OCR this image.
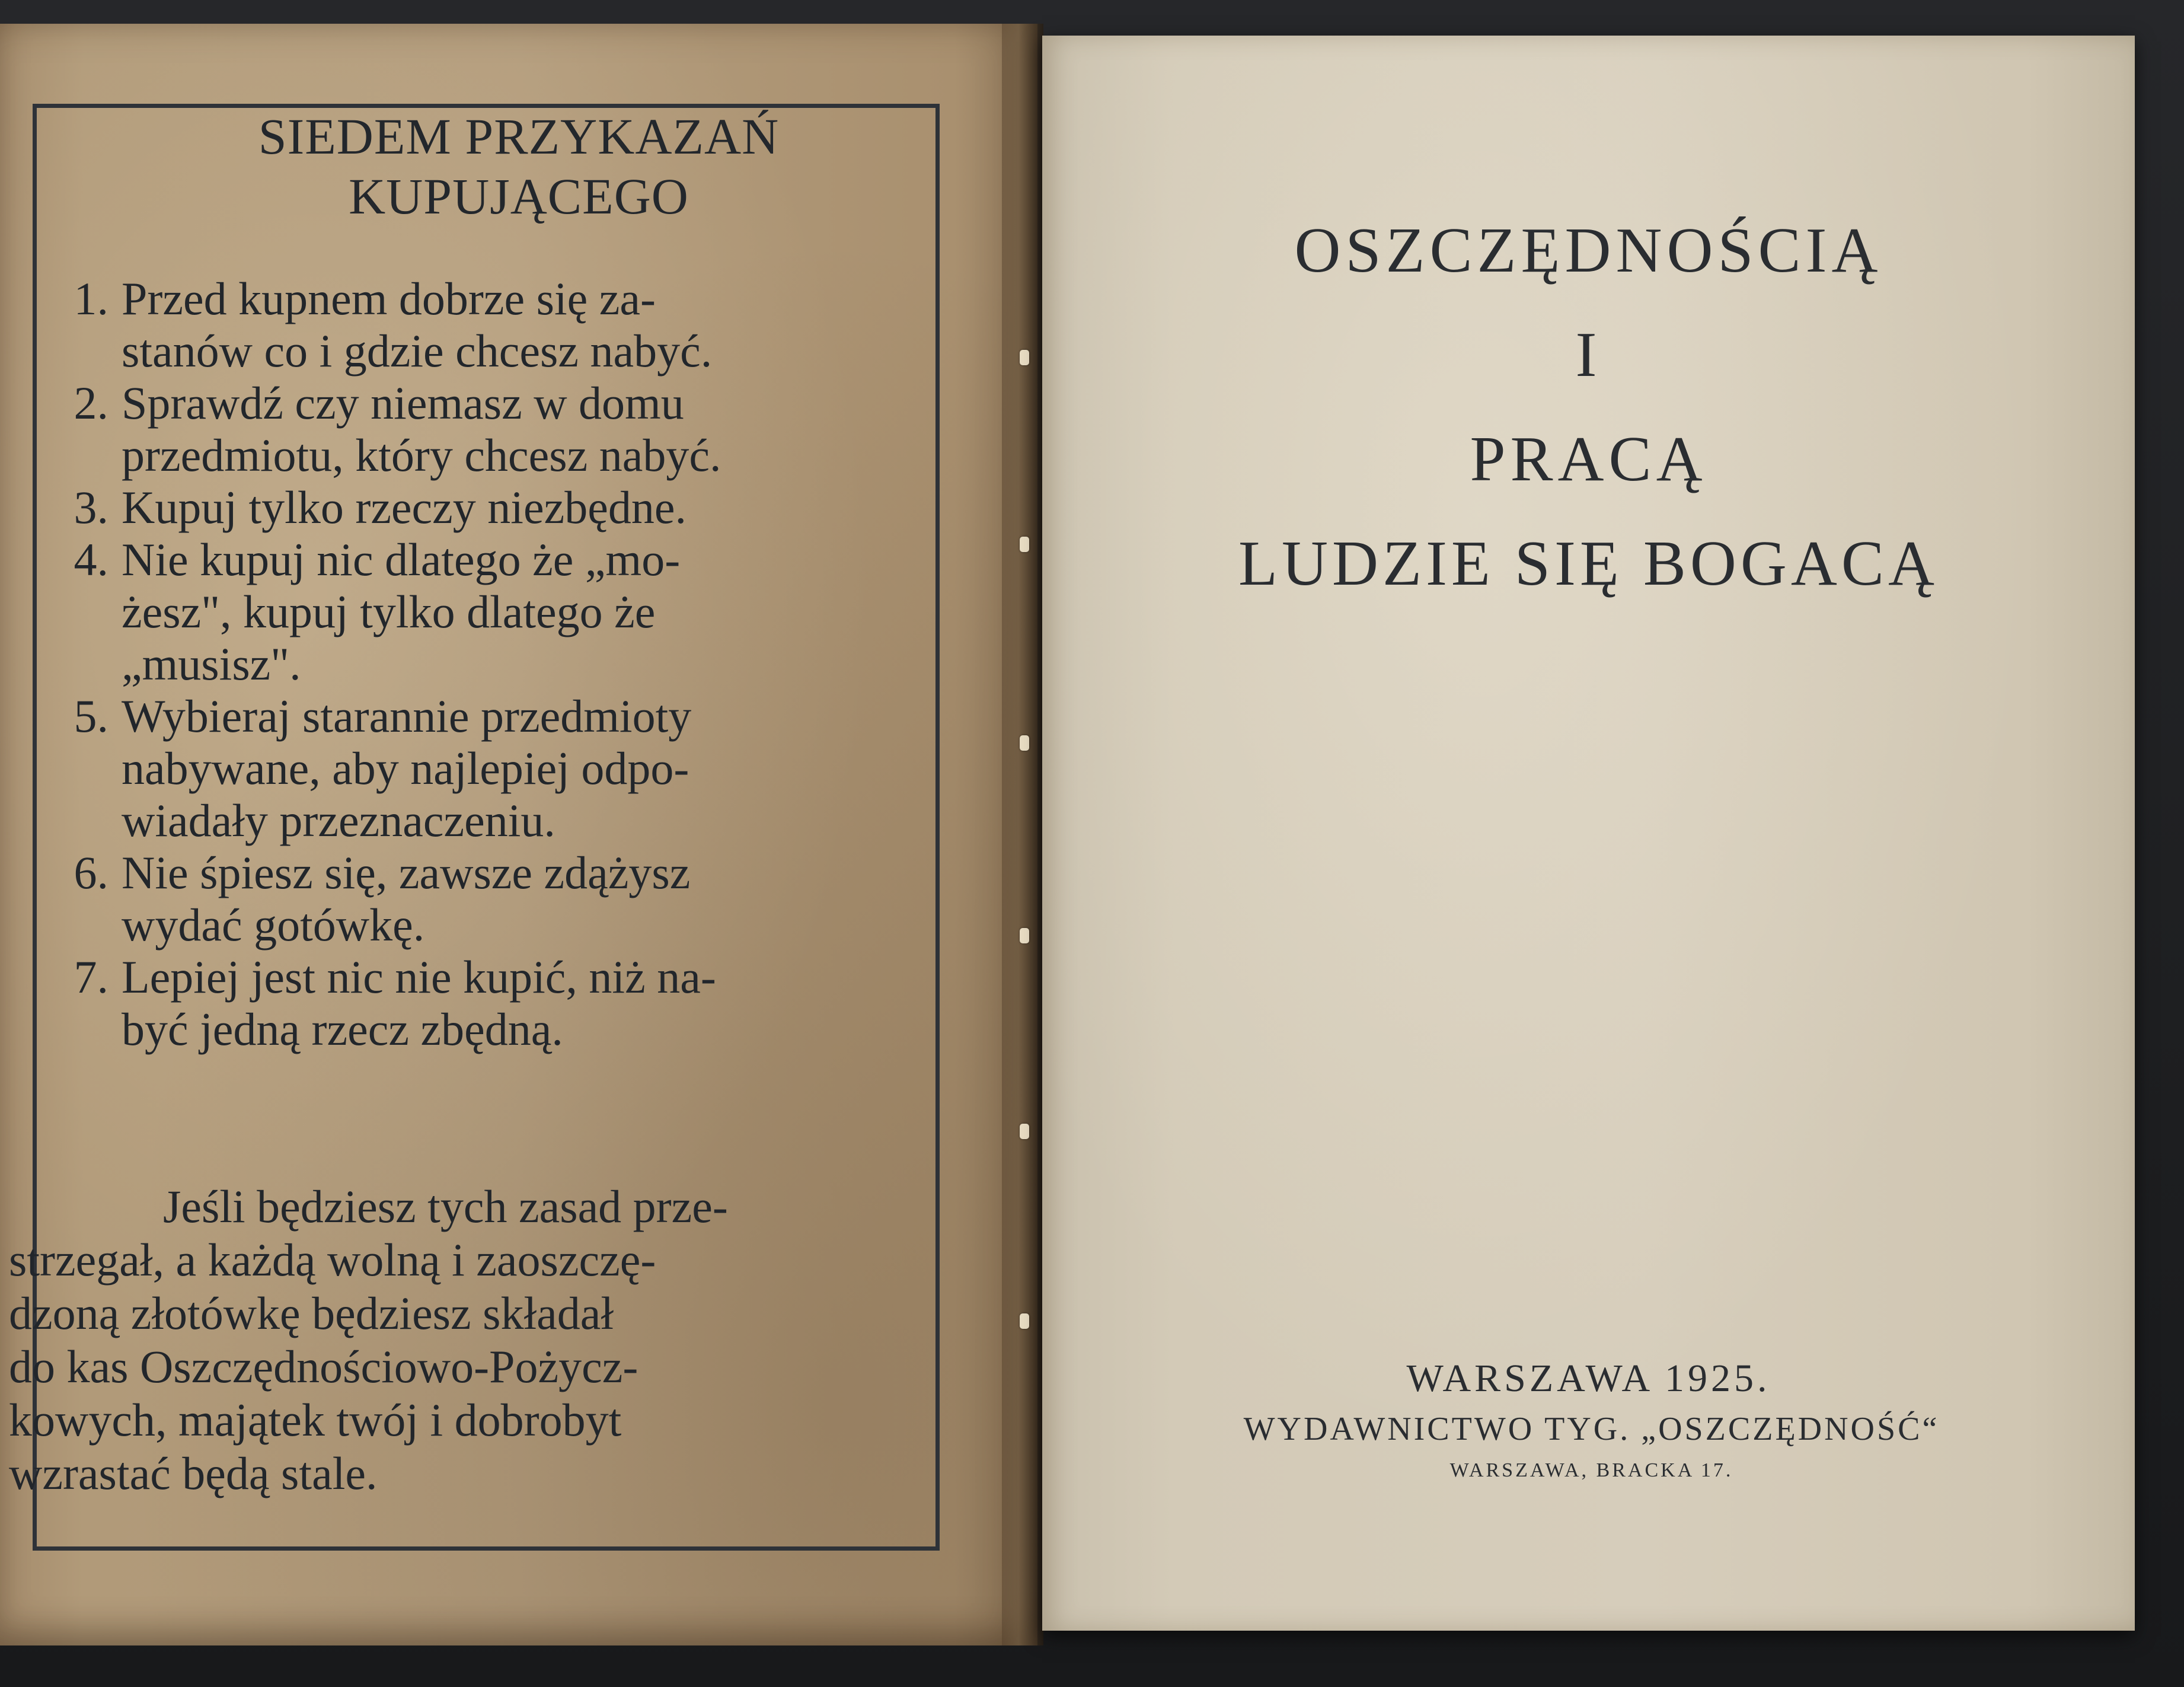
SIEDEM PRZYKAZAŃ
KUPUJĄCEGO
1. Przed kupnem dobrze się za-
stanów co i gdzie chcesz nabyć.
2. Sprawdź czy niemasz w domu
przedmiotu, który chcesz nabyć.
3. Kupuj tylko rzeczy niezbędne.
4. Nie kupuj nic dlatego że „mo-
żesz", kupuj tylko dlatego że
„musisz".
5. Wybieraj starannie przedmioty
nabywane, aby najlepiej odpo-
wiadały przeznaczeniu.
6. Nie śpiesz się, zawsze zdążysz
wydać gotówkę.
7. Lepiej jest nic nie kupić, niż na-
być jedną rzecz zbędną.
Jeśli będziesz tych zasad prze-
strzegał, a każdą wolną i zaoszczę-
dzoną złotówkę będziesz składał
do kas Oszczędnościowo-Pożycz-
kowych, majątek twój i dobrobyt
wzrastać będą stale.
OSZCZĘDNOŚCIĄ
I
PRACĄ
LUDZIE SIĘ BOGACĄ
WARSZAWA 1925.
WYDAWNICTWO TYG. „OSZCZĘDNOŚĆ“
WARSZAWA, BRACKA 17.
